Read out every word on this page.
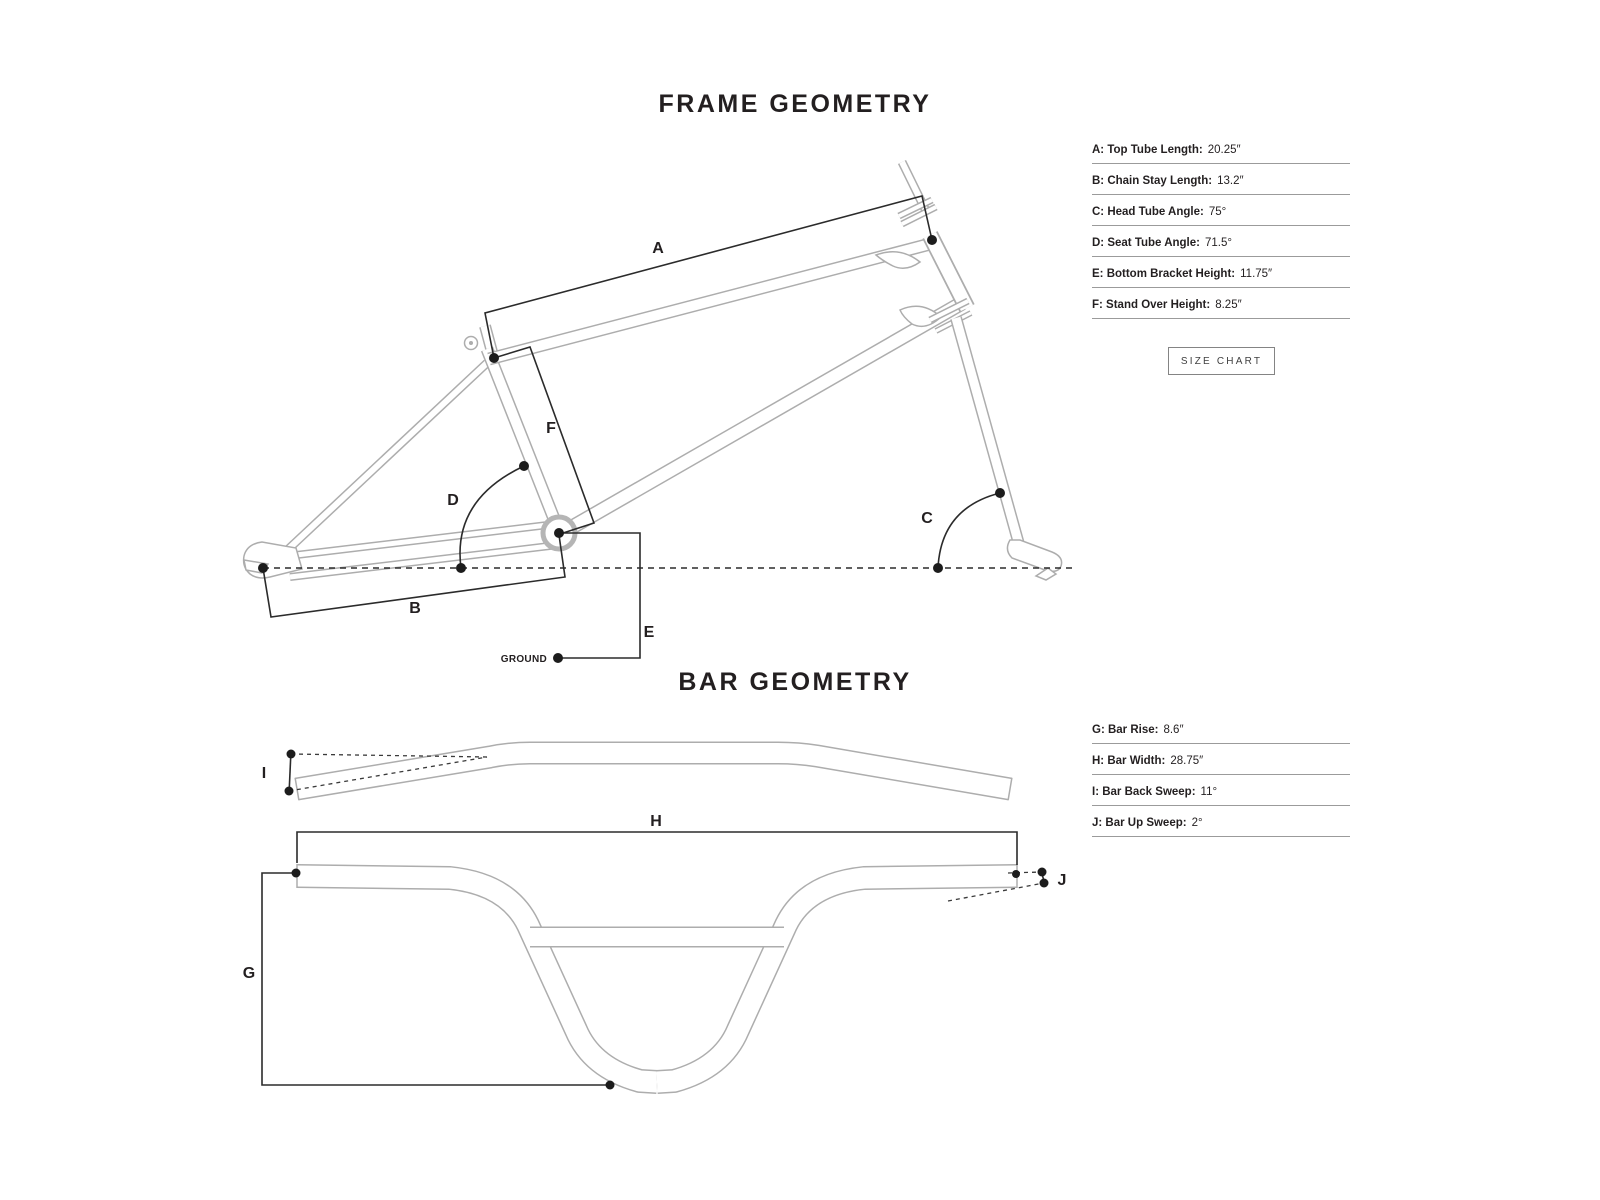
FRAME GEOMETRY
BAR GEOMETRY
A: Top Tube Length: 20.25″
B: Chain Stay Length: 13.2″
C: Head Tube Angle: 75°
D: Seat Tube Angle: 71.5°
E: Bottom Bracket Height: 11.75″
F: Stand Over Height: 8.25″
SIZE CHART
G: Bar Rise: 8.6″
H: Bar Width: 28.75″
I: Bar Back Sweep: 11°
J: Bar Up Sweep: 2°
A
B
C
D
E
F
GROUND
I
H
G
J
